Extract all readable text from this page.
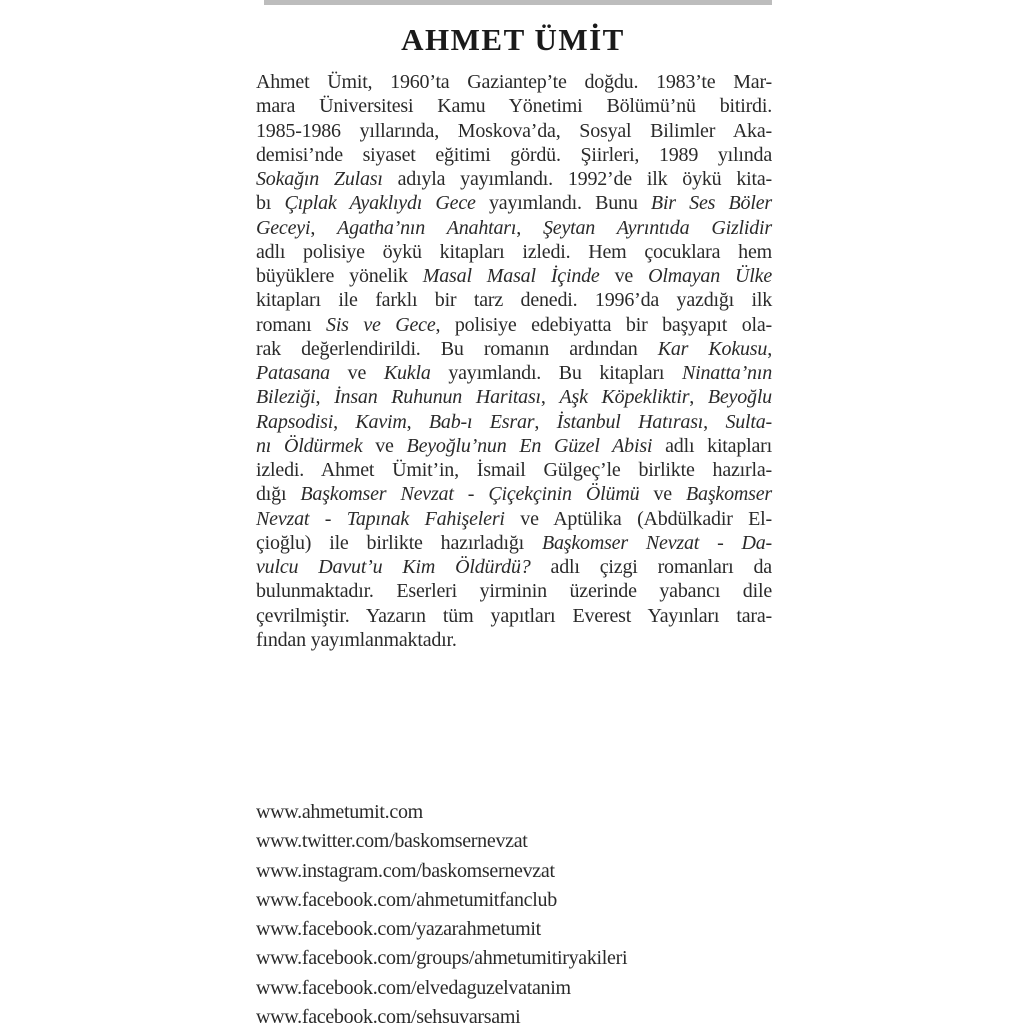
AHMET ÜMİT
Ahmet Ümit, 1960’ta Gaziantep’te doğdu. 1983’te Mar-
mara Üniversitesi Kamu Yönetimi Bölümü’nü bitirdi.
1985-1986 yıllarında, Moskova’da, Sosyal Bilimler Aka-
demisi’nde siyaset eğitimi gördü. Şiirleri, 1989 yılında
Sokağın Zulası adıyla yayımlandı. 1992’de ilk öykü kita-
bı Çıplak Ayaklıydı Gece yayımlandı. Bunu Bir Ses Böler
Geceyi, Agatha’nın Anahtarı, Şeytan Ayrıntıda Gizlidir
adlı polisiye öykü kitapları izledi. Hem çocuklara hem
büyüklere yönelik Masal Masal İçinde ve Olmayan Ülke
kitapları ile farklı bir tarz denedi. 1996’da yazdığı ilk
romanı Sis ve Gece, polisiye edebiyatta bir başyapıt ola-
rak değerlendirildi. Bu romanın ardından Kar Kokusu,
Patasana ve Kukla yayımlandı. Bu kitapları Ninatta’nın
Bileziği, İnsan Ruhunun Haritası, Aşk Köpekliktir, Beyoğlu
Rapsodisi, Kavim, Bab-ı Esrar, İstanbul Hatırası, Sulta-
nı Öldürmek ve Beyoğlu’nun En Güzel Abisi adlı kitapları
izledi. Ahmet Ümit’in, İsmail Gülgeç’le birlikte hazırla-
dığı Başkomser Nevzat - Çiçekçinin Ölümü ve Başkomser
Nevzat - Tapınak Fahişeleri ve Aptülika (Abdülkadir El-
çioğlu) ile birlikte hazırladığı Başkomser Nevzat - Da-
vulcu Davut’u Kim Öldürdü? adlı çizgi romanları da
bulunmaktadır. Eserleri yirminin üzerinde yabancı dile
çevrilmiştir. Yazarın tüm yapıtları Everest Yayınları tara-
fından yayımlanmaktadır.
www.ahmetumit.com
www.twitter.com/baskomsernevzat
www.instagram.com/baskomsernevzat
www.facebook.com/ahmetumitfanclub
www.facebook.com/yazarahmetumit
www.facebook.com/groups/ahmetumitiryakileri
www.facebook.com/elvedaguzelvatanim
www.facebook.com/sehsuvarsami
